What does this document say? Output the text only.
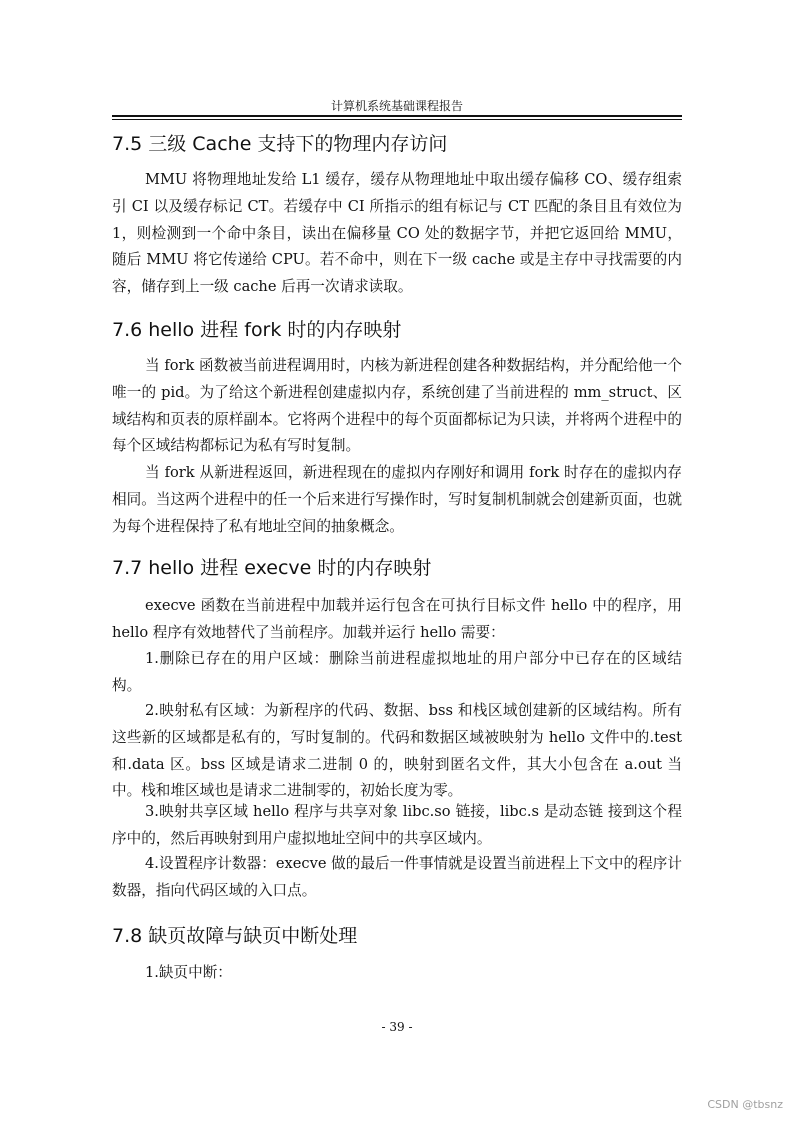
计算机系统基础课程报告
7.5 三级 Cache 支持下的物理内存访问
MMU 将物理地址发给 L1 缓存，缓存从物理地址中取出缓存偏移 CO、缓存组索引 CI 以及缓存标记 CT。若缓存中 CI 所指示的组有标记与 CT 匹配的条目且有效位为 1，则检测到一个命中条目，读出在偏移量 CO 处的数据字节，并把它返回给 MMU，随后 MMU 将它传递给 CPU。若不命中，则在下一级 cache 或是主存中寻找需要的内容，储存到上一级 cache 后再一次请求读取。
7.6 hello 进程 fork 时的内存映射
当 fork 函数被当前进程调用时，内核为新进程创建各种数据结构，并分配给他一个唯一的 pid。为了给这个新进程创建虚拟内存，系统创建了当前进程的 mm_struct、区域结构和页表的原样副本。它将两个进程中的每个页面都标记为只读，并将两个进程中的每个区域结构都标记为私有写时复制。
当 fork 从新进程返回，新进程现在的虚拟内存刚好和调用 fork 时存在的虚拟内存相同。当这两个进程中的任一个后来进行写操作时，写时复制机制就会创建新页面，也就为每个进程保持了私有地址空间的抽象概念。
7.7 hello 进程 execve 时的内存映射
execve 函数在当前进程中加载并运行包含在可执行目标文件 hello 中的程序，用 hello 程序有效地替代了当前程序。加载并运行 hello 需要：
1.删除已存在的用户区域：删除当前进程虚拟地址的用户部分中已存在的区域结构。
2.映射私有区域：为新程序的代码、数据、bss 和栈区域创建新的区域结构。所有这些新的区域都是私有的，写时复制的。代码和数据区域被映射为 hello 文件中的.test 和.data 区。bss 区域是请求二进制 0 的，映射到匿名文件，其大小包含在 a.out 当中。栈和堆区域也是请求二进制零的，初始长度为零。
3.映射共享区域 hello 程序与共享对象 libc.so 链接，libc.s 是动态链 接到这个程序中的，然后再映射到用户虚拟地址空间中的共享区域内。
4.设置程序计数器：execve 做的最后一件事情就是设置当前进程上下文中的程序计数器，指向代码区域的入口点。
7.8 缺页故障与缺页中断处理
1.缺页中断：
- 39 -
CSDN @tbsnz
